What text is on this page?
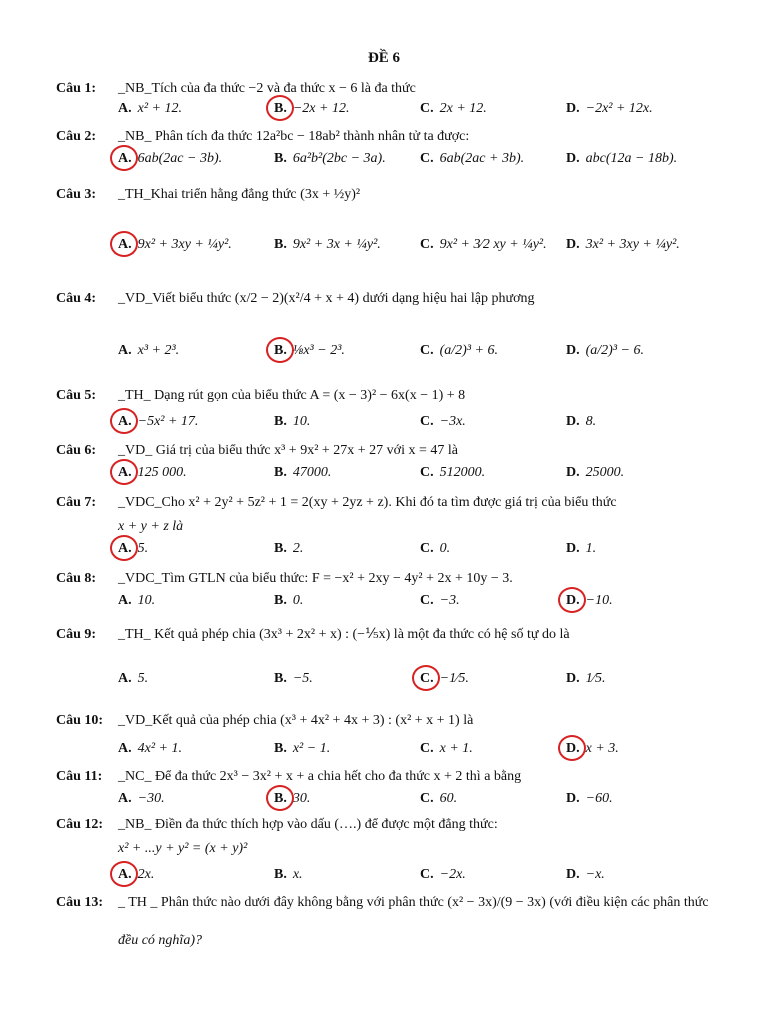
ĐỀ 6
Câu 1: _NB_Tích của đa thức −2 và đa thức x − 6 là đa thức
A. x² + 12.	B. −2x + 12.	C. 2x + 12.	D. −2x² + 12x.
Câu 2: _NB_ Phân tích đa thức 12a²bc − 18ab² thành nhân tử ta được:
A. 6ab(2ac − 3b).	B. 6a²b²(2bc − 3a). C. 6ab(2ac + 3b).	D. abc(12a − 18b).
Câu 3: _TH_Khai triển hằng đẳng thức (3x + ½y)²
A. 9x² + 3xy + ¼y².	B. 9x² + 3x + ¼y².	C. 9x² + 3⁄2 xy + ¼y². D. 3x² + 3xy + ¼y².
Câu 4: _VD_Viết biểu thức (x/2 − 2)(x²/4 + x + 4) dưới dạng hiệu hai lập phương
A. x³ + 2³.	B. ⅛x³ − 2³.	C. (a/2)³ + 6.	D. (a/2)³ − 6.
Câu 5: _TH_ Dạng rút gọn của biểu thức A = (x − 3)² − 6x(x − 1) + 8
A. −5x² + 17.	B. 10.	C. −3x.	D. 8.
Câu 6: _VD_ Giá trị của biểu thức x³ + 9x² + 27x + 27 với x = 47 là
A. 125 000.	B. 47000.	C. 512000.	D. 25000.
Câu 7: _VDC_Cho x² + 2y² + 5z² + 1 = 2(xy + 2yz + z). Khi đó ta tìm được giá trị của biểu thức
x + y + z là
A. 5.	B. 2.	C. 0.	D. 1.
Câu 8: _VDC_Tìm GTLN của biểu thức: F = −x² + 2xy − 4y² + 2x + 10y − 3.
A. 10.	B. 0.	C. −3.	D. −10.
Câu 9: _TH_ Kết quả phép chia (3x³ + 2x² + x) : (−⅕x) là một đa thức có hệ số tự do là
A. 5.	B. −5.	C. −1⁄5.	D. 1⁄5.
Câu 10: _VD_Kết quả của phép chia (x³ + 4x² + 4x + 3) : (x² + x + 1) là
A. 4x² + 1.	B. x² − 1.	C. x + 1.	D. x + 3.
Câu 11: _NC_ Để đa thức 2x³ − 3x² + x + a chia hết cho đa thức x + 2 thì a bằng
A. −30.	B. 30.	C. 60.	D. −60.
Câu 12: _NB_ Điền đa thức thích hợp vào dấu (….) để được một đẳng thức:
x² + ...y + y² = (x + y)²
A. 2x.	B. x.	C. −2x.	D. −x.
Câu 13: _ TH _ Phân thức nào dưới đây không bằng với phân thức (x² − 3x)/(9 − 3x) (với điều kiện các phân thức
đều có nghĩa)?
